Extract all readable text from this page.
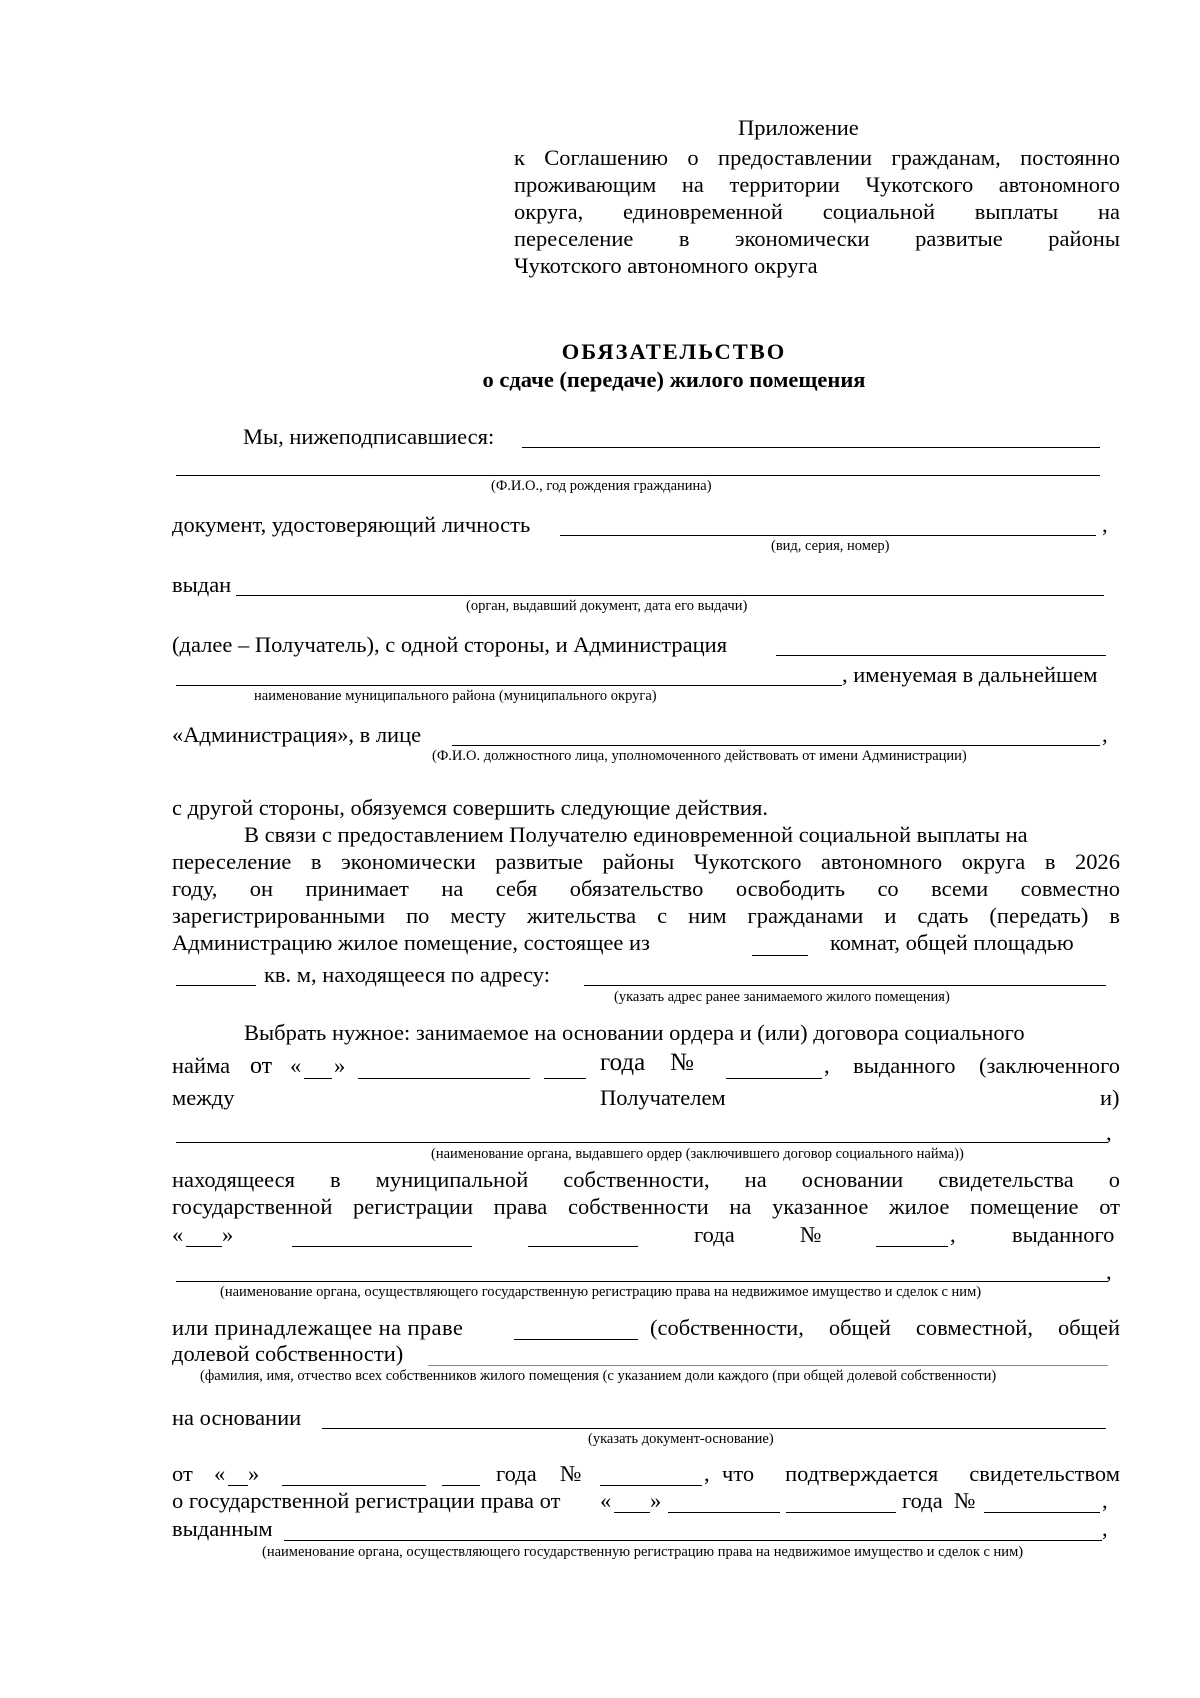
Приложение
к Соглашению о предоставлении гражданам, постоянно
проживающим на территории Чукотского автономного
округа, единовременной социальной выплаты на
переселение в экономически развитые районы
Чукотского автономного округа
ОБЯЗАТЕЛЬСТВО
о сдаче (передаче) жилого помещения
Мы, нижеподписавшиеся:
(Ф.И.О., год рождения гражданина)
документ, удостоверяющий личность	,
(вид, серия, номер)
выдан
(орган, выдавший документ, дата его выдачи)
(далее – Получатель), с одной стороны, и Администрация
, именуемая в дальнейшем
наименование муниципального района (муниципального округа)
«Администрация», в лице	,
(Ф.И.О. должностного лица, уполномоченного действовать от имени Администрации)
с другой стороны, обязуемся совершить следующие действия.
В связи с предоставлением Получателю единовременной социальной выплаты на
переселение в экономически развитые районы Чукотского автономного округа в 2026
году, он принимает на себя обязательство освободить со всеми совместно
зарегистрированными по месту жительства с ним гражданами и сдать (передать) в
Администрацию жилое помещение, состоящее из	комнат, общей площадью
кв. м, находящееся по адресу:
(указать адрес ранее занимаемого жилого помещения)
Выбрать нужное: занимаемое на основании ордера и (или) договора социального
найма от « »	года №	, выданного (заключенного
между	Получателем	и)
,
(наименование органа, выдавшего ордер (заключившего договор социального найма))
находящееся в муниципальной собственности, на основании свидетельства о
государственной регистрации права собственности на указанное жилое помещение от
« »	года	№	,	выданного
,
(наименование органа, осуществляющего государственную регистрацию права на недвижимое имущество и сделок с ним)
или принадлежащее на праве	(собственности, общей совместной, общей
долевой собственности)
(фамилия, имя, отчество всех собственников жилого помещения (с указанием доли каждого (при общей долевой собственности)
на основании
(указать документ-основание)
от « »	года №	, что подтверждается свидетельством
о государственной регистрации права от « »	года №	,
выданным	,
(наименование органа, осуществляющего государственную регистрацию права на недвижимое имущество и сделок с ним)
